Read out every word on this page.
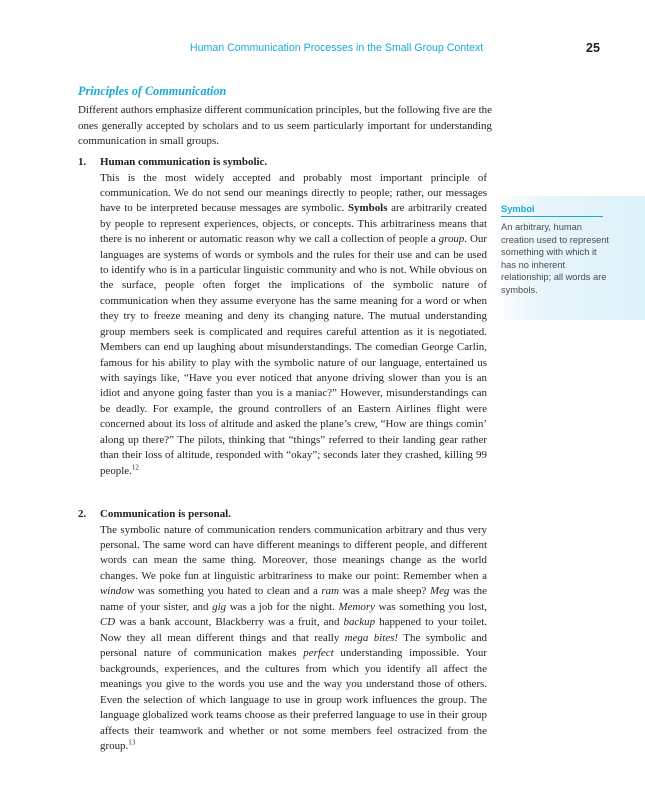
Human Communication Processes in the Small Group Context	25
Principles of Communication

Different authors emphasize different communication principles, but the following five are the ones generally accepted by scholars and to us seem particularly important for understanding communication in small groups.

1. Human communication is symbolic.

This is the most widely accepted and probably most important principle of communication. We do not send our meanings directly to people; rather, our messages have to be interpreted because messages are symbolic. Symbols are arbitrarily created by people to represent experiences, objects, or concepts. This arbitrariness means that there is no inherent or automatic reason why we call a collection of people a group. Our languages are systems of words or symbols and the rules for their use and can be used to identify who is in a particular linguistic community and who is not. While obvious on the surface, people often forget the implications of the symbolic nature of communication when they assume everyone has the same meaning for a word or when they try to freeze meaning and deny its changing nature. The mutual understanding group members seek is complicated and requires careful attention as it is negotiated. Members can end up laughing about misunderstandings. The comedian George Carlin, famous for his ability to play with the symbolic nature of our language, entertained us with sayings like, “Have you ever noticed that anyone driving slower than you is an idiot and anyone going faster than you is a maniac?” However, misunderstandings can be deadly. For example, the ground controllers of an Eastern Airlines flight were concerned about its loss of altitude and asked the plane’s crew, “How are things comin’ along up there?” The pilots, thinking that “things” referred to their landing gear rather than their loss of altitude, responded with “okay”; seconds later they crashed, killing 99 people.$^{12}$

2. Communication is personal.

The symbolic nature of communication renders communication arbitrary and thus very personal. The same word can have different meanings to different people, and different words can mean the same thing. Moreover, those meanings change as the world changes. We poke fun at linguistic arbitrariness to make our point: Remember when a window was something you hated to clean and a ram was a male sheep? Meg was the name of your sister, and gig was a job for the night. Memory was something you lost, CD was a bank account, Blackberry was a fruit, and backup happened to your toilet. Now they all mean different things and that really mega bites! The symbolic and personal nature of communication makes perfect understanding impossible. Your backgrounds, experiences, and the cultures from which you identify all affect the meanings you give to the words you use and the way you understand those of others. Even the selection of which language to use in group work influences the group. The language globalized work teams choose as their preferred language to use in their group affects their teamwork and whether or not some members feel ostracized from the group.$^{13}$

Symbol

An arbitrary, human creation used to represent something with which it has no inherent relationship; all words are symbols.
